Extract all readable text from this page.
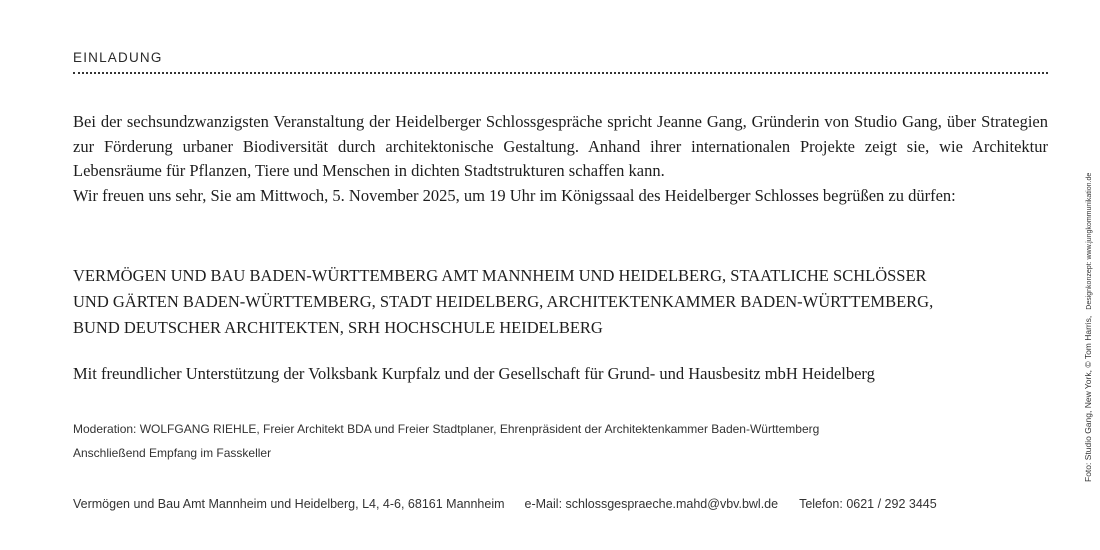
EINLADUNG

Bei der sechsundzwanzigsten Veranstaltung der Heidelberger Schlossgespräche spricht Jeanne Gang, Gründerin von Studio Gang, über Strategien zur Förderung urbaner Biodiversität durch architektonische Gestaltung. Anhand ihrer internationalen Projekte zeigt sie, wie Architektur Lebensräume für Pflanzen, Tiere und Menschen in dichten Stadtstrukturen schaffen kann.

Wir freuen uns sehr, Sie am Mittwoch, 5. November 2025, um 19 Uhr im Königssaal des Heidelberger Schlosses begrüßen zu dürfen:

VERMÖGEN UND BAU BADEN-WÜRTTEMBERG AMT MANNHEIM UND HEIDELBERG, STAATLICHE SCHLÖSSER
UND GÄRTEN BADEN-WÜRTTEMBERG, STADT HEIDELBERG, ARCHITEKTENKAMMER BADEN-WÜRTTEMBERG,
BUND DEUTSCHER ARCHITEKTEN, SRH HOCHSCHULE HEIDELBERG
Mit freundlicher Unterstützung der Volksbank Kurpfalz und der Gesellschaft für Grund- und Hausbesitz mbH Heidelberg
Moderation: WOLFGANG RIEHLE, Freier Architekt BDA und Freier Stadtplaner, Ehrenpräsident der Architektenkammer Baden-Württemberg
Anschließend Empfang im Fasskeller
Vermögen und Bau Amt Mannheim und Heidelberg, L4, 4-6, 68161 Mannheim e-Mail: schlossgespraeche.mahd@vbv.bwl.de Telefon: 0621 / 292 3445
Foto: Studio Gang, New York, © Tom Harris,Designkonzept: www.jungkommunikation.de
